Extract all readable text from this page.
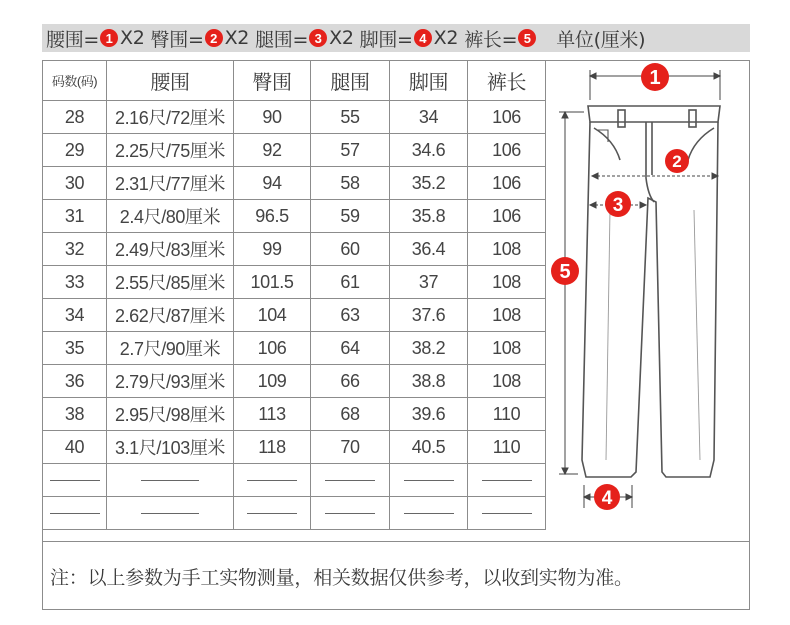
腰围= 1 X2 臀围= 2 X2 腿围= 3 X2 脚围= 4 X2 裤长= 5 单位(厘米)
码数(码)	腰围	臀围	腿围	脚围	裤长
28	2.16尺/72厘米	90	55	34	106
29	2.25尺/75厘米	92	57	34.6	106
30	2.31尺/77厘米	94	58	35.2	106
31	2.4尺/80厘米	96.5	59	35.8	106
32	2.49尺/83厘米	99	60	36.4	108
33	2.55尺/85厘米	101.5	61	37	108
34	2.62尺/87厘米	104	63	37.6	108
35	2.7尺/90厘米	106	64	38.2	108
36	2.79尺/93厘米	109	66	38.8	108
38	2.95尺/98厘米	113	68	39.6	110
40	3.1尺/103厘米	118	70	40.5	110

1
2
3
4
5
注：以上参数为手工实物测量，相关数据仅供参考，以收到实物为准。
